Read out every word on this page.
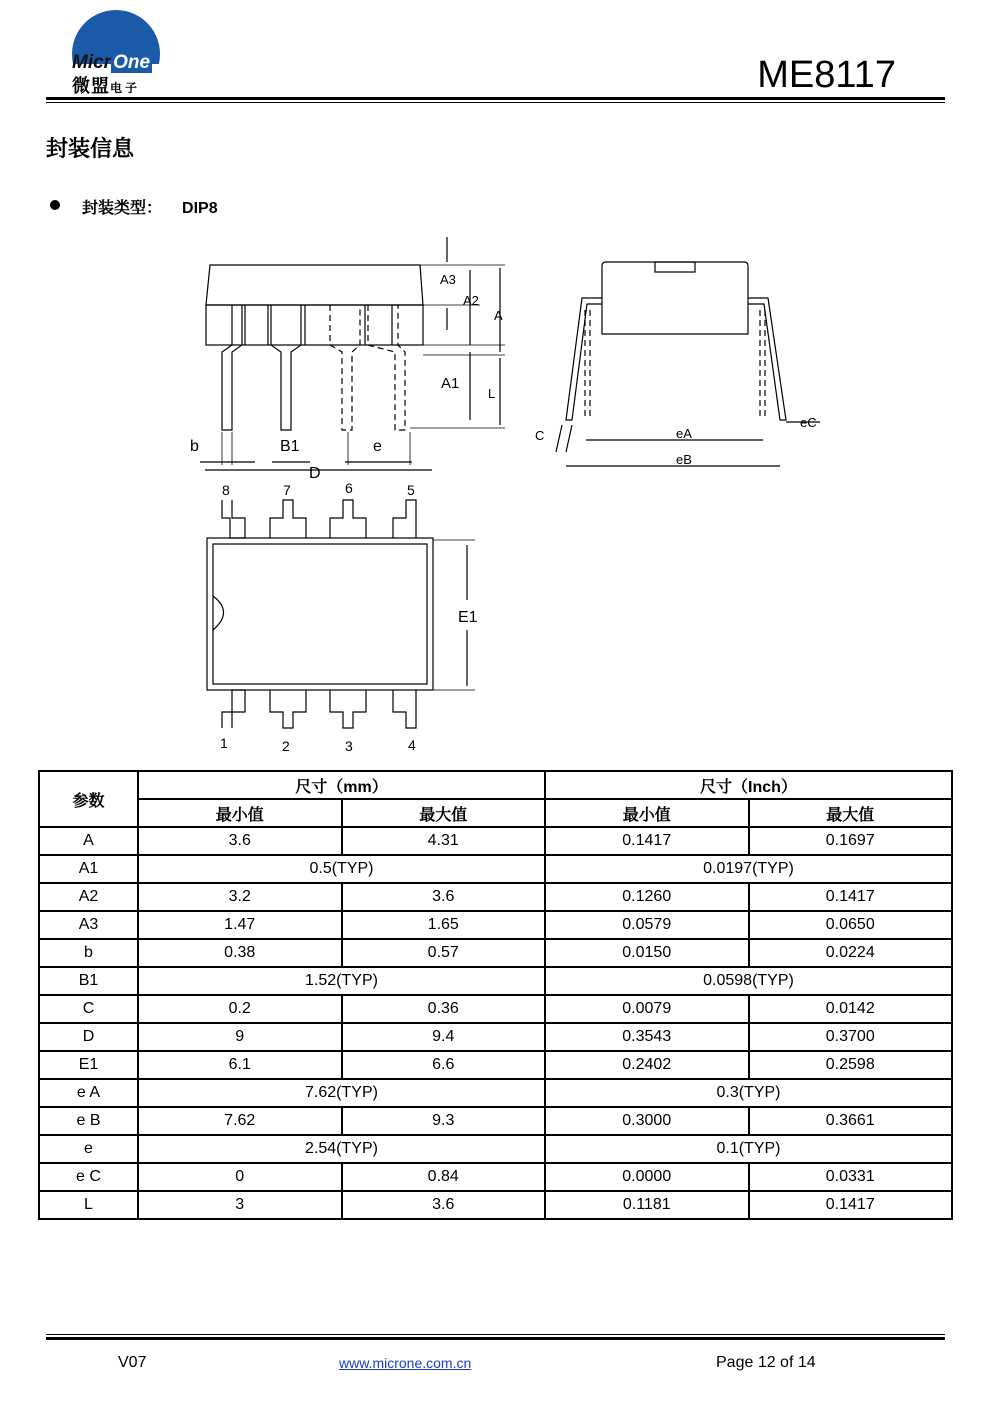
Micr One
微盟电子	ME8117
封装信息
封装类型： DIP8
A3
A2
A
A1
L
b	B1	e
D
C	eA
eB
eC
8	7	6	5
1	2	3	4
E1
参数	尺寸（mm）		尺寸（Inch）	
	最小值	最大值	最小值	最大值
A	3.6	4.31	0.1417	0.1697
A1	0.5(TYP)		0.0197(TYP)	
A2	3.2	3.6	0.1260	0.1417
A3	1.47	1.65	0.0579	0.0650
b	0.38	0.57	0.0150	0.0224
B1	1.52(TYP)		0.0598(TYP)	
C	0.2	0.36	0.0079	0.0142
D	9	9.4	0.3543	0.3700
E1	6.1	6.6	0.2402	0.2598
e A	7.62(TYP)		0.3(TYP)	
e B	7.62	9.3	0.3000	0.3661
e	2.54(TYP)		0.1(TYP)	
e C	0	0.84	0.0000	0.0331
L	3	3.6	0.1181	0.1417
V07	www.microne.com.cn	Page 12 of 14
